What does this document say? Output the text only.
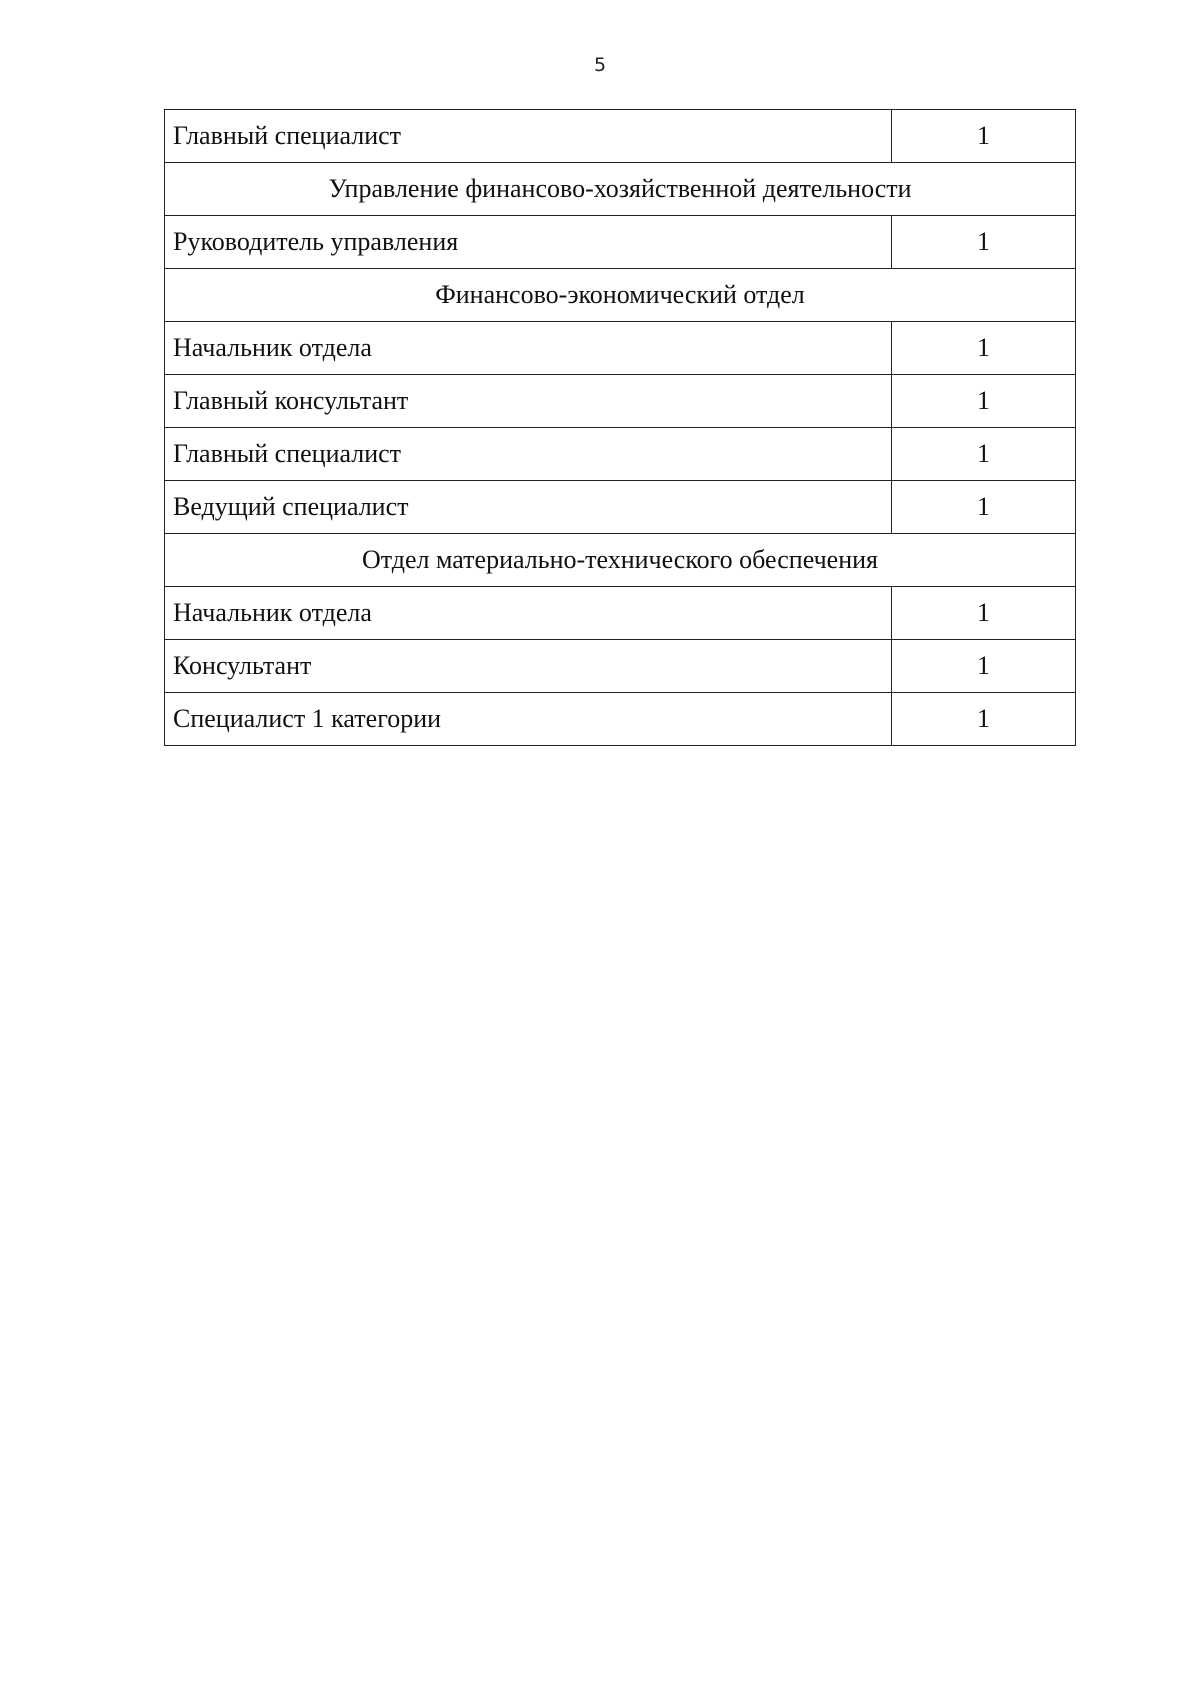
5
Главный специалист	1
Управление финансово-хозяйственной деятельности	
Руководитель управления	1
Финансово-экономический отдел	
Начальник отдела	1
Главный консультант	1
Главный специалист	1
Ведущий специалист	1
Отдел материально-технического обеспечения	
Начальник отдела	1
Консультант	1
Специалист 1 категории	1
